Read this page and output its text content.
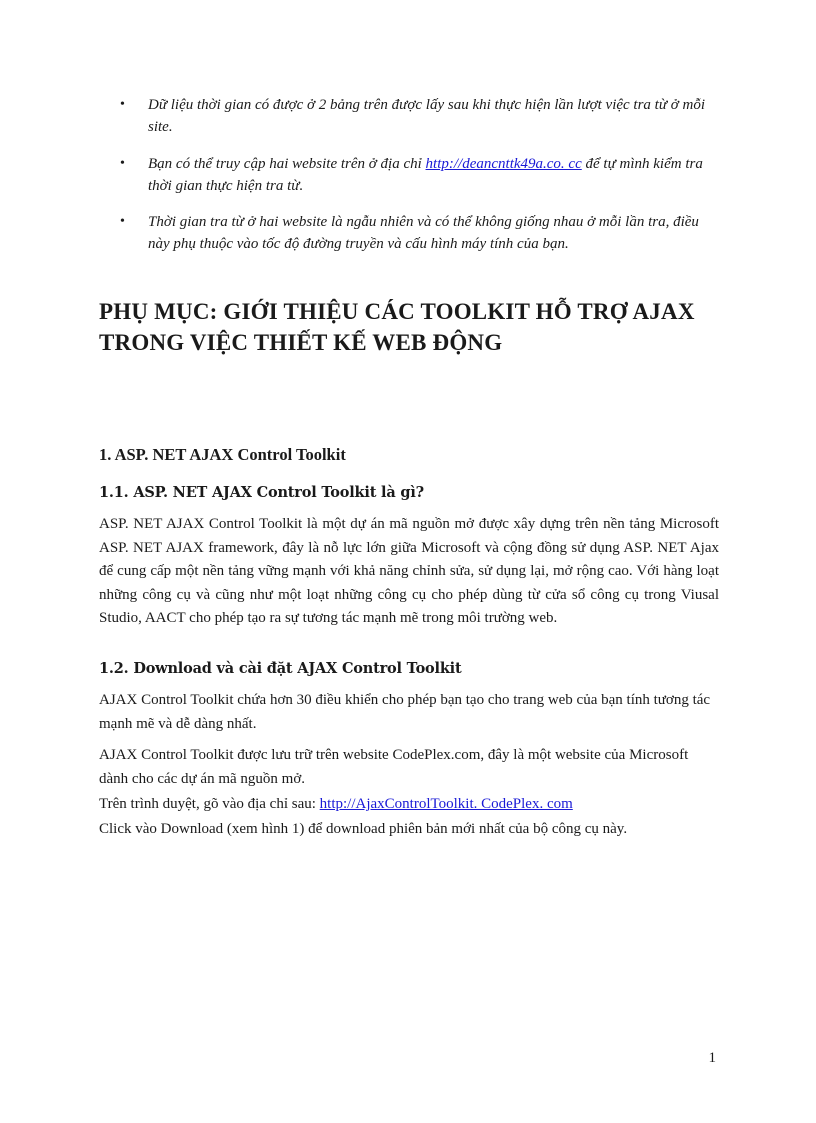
• Dữ liệu thời gian có được ở 2 bảng trên được lấy sau khi thực hiện lần lượt việc tra từ ở mỗi site.
• Bạn có thể truy cập hai website trên ở địa chỉ http://deancnttk49a.co. cc để tự mình kiểm tra thời gian thực hiện tra từ.
• Thời gian tra từ ở hai website là ngẫu nhiên và có thể không giống nhau ở mỗi lần tra, điều này phụ thuộc vào tốc độ đường truyền và cấu hình máy tính của bạn.
PHỤ MỤC: GIỚI THIỆU CÁC TOOLKIT HỖ TRỢ AJAX TRONG VIỆC THIẾT KẾ WEB ĐỘNG
1. ASP. NET AJAX Control Toolkit
1.1. ASP. NET AJAX Control Toolkit là gì?

ASP. NET AJAX Control Toolkit là một dự án mã nguồn mở được xây dựng trên nền tảng Microsoft ASP. NET AJAX framework, đây là nỗ lực lớn giữa Microsoft và cộng đồng sử dụng ASP. NET Ajax để cung cấp một nền tảng vững mạnh với khả năng chỉnh sửa, sử dụng lại, mở rộng cao. Với hàng loạt những công cụ và cũng như một loạt những công cụ cho phép dùng từ cửa sổ công cụ trong Viusal Studio, AACT cho phép tạo ra sự tương tác mạnh mẽ trong môi trường web.

1.2. Download và cài đặt AJAX Control Toolkit

AJAX Control Toolkit chứa hơn 30 điều khiển cho phép bạn tạo cho trang web của bạn tính tương tác mạnh mẽ và dễ dàng nhất.

AJAX Control Toolkit được lưu trữ trên website CodePlex.com, đây là một website của Microsoft dành cho các dự án mã nguồn mở.

Trên trình duyệt, gõ vào địa chỉ sau: http://AjaxControlToolkit. CodePlex. com

Click vào Download (xem hình 1) để download phiên bản mới nhất của bộ công cụ này.

1
